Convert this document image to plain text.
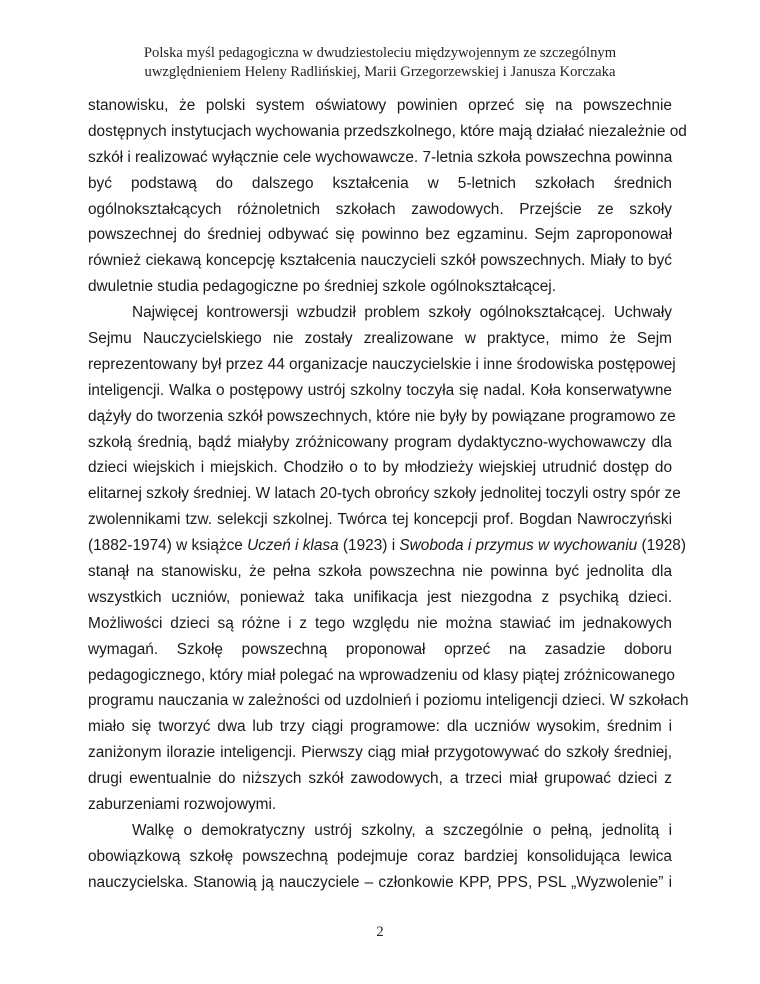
Polska myśl pedagogiczna w dwudziestoleciu międzywojennym ze szczególnym
uwzględnieniem Heleny Radlińskiej, Marii Grzegorzewskiej i Janusza Korczaka
stanowisku, że polski system oświatowy powinien oprzeć się na powszechnie
dostępnych instytucjach wychowania przedszkolnego, które mają działać niezależnie od
szkół i realizować wyłącznie cele wychowawcze. 7-letnia szkoła powszechna powinna
być podstawą do dalszego kształcenia w 5-letnich szkołach średnich
ogólnokształcących różnoletnich szkołach zawodowych. Przejście ze szkoły
powszechnej do średniej odbywać się powinno bez egzaminu. Sejm zaproponował
również ciekawą koncepcję kształcenia nauczycieli szkół powszechnych. Miały to być
dwuletnie studia pedagogiczne po średniej szkole ogólnokształcącej.
Najwięcej kontrowersji wzbudził problem szkoły ogólnokształcącej. Uchwały
Sejmu Nauczycielskiego nie zostały zrealizowane w praktyce, mimo że Sejm
reprezentowany był przez 44 organizacje nauczycielskie i inne środowiska postępowej
inteligencji. Walka o postępowy ustrój szkolny toczyła się nadal. Koła konserwatywne
dążyły do tworzenia szkół powszechnych, które nie były by powiązane programowo ze
szkołą średnią, bądź miałyby zróżnicowany program dydaktyczno-wychowawczy dla
dzieci wiejskich i miejskich. Chodziło o to by młodzieży wiejskiej utrudnić dostęp do
elitarnej szkoły średniej. W latach 20-tych obrońcy szkoły jednolitej toczyli ostry spór ze
zwolennikami tzw. selekcji szkolnej. Twórca tej koncepcji prof. Bogdan Nawroczyński
(1882-1974) w książce Uczeń i klasa (1923) i Swoboda i przymus w wychowaniu (1928)
stanął na stanowisku, że pełna szkoła powszechna nie powinna być jednolita dla
wszystkich uczniów, ponieważ taka unifikacja jest niezgodna z psychiką dzieci.
Możliwości dzieci są różne i z tego względu nie można stawiać im jednakowych
wymagań. Szkołę powszechną proponował oprzeć na zasadzie doboru
pedagogicznego, który miał polegać na wprowadzeniu od klasy piątej zróżnicowanego
programu nauczania w zależności od uzdolnień i poziomu inteligencji dzieci. W szkołach
miało się tworzyć dwa lub trzy ciągi programowe: dla uczniów wysokim, średnim i
zaniżonym ilorazie inteligencji. Pierwszy ciąg miał przygotowywać do szkoły średniej,
drugi ewentualnie do niższych szkół zawodowych, a trzeci miał grupować dzieci z
zaburzeniami rozwojowymi.
Walkę o demokratyczny ustrój szkolny, a szczególnie o pełną, jednolitą i
obowiązkową szkołę powszechną podejmuje coraz bardziej konsolidująca lewica
nauczycielska. Stanowią ją nauczyciele – członkowie KPP, PPS, PSL „Wyzwolenie” i
2
